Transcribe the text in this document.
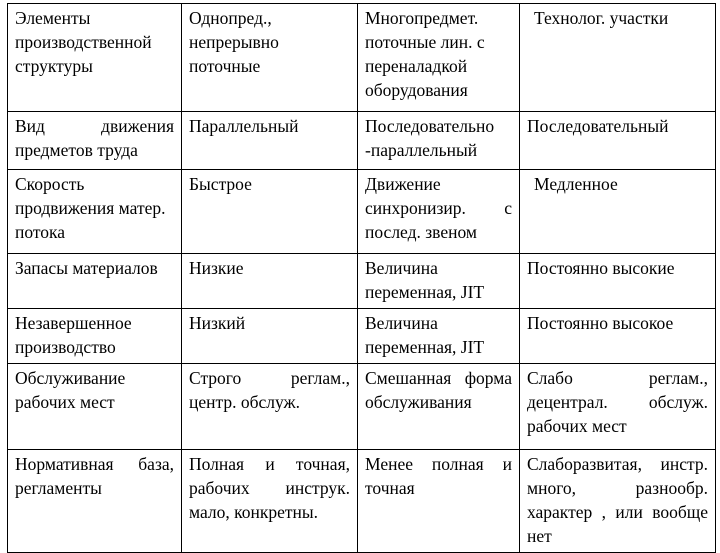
Элементы производственной структуры	Однопред., непрерывно поточные	Многопредмет. поточные лин. с переналадкой оборудования	Технолог. участки
Вид движения предметов труда	Параллельный	Последовательно -параллельный	Последовательный
Скорость продвижения матер. потока	Быстрое	Движение синхронизир. с послед. звеном	Медленное
Запасы материалов	Низкие	Величина переменная, JIT	Постоянно высокие
Незавершенное производство	Низкий	Величина переменная, JIT	Постоянно высокое
Обслуживание рабочих мест	Строго реглам., центр. обслуж.	Смешанная форма обслуживания	Слабо реглам., децентрал. обслуж. рабочих мест
Нормативная база, регламенты	Полная и точная, рабочих инструк. мало, конкретны.	Менее полная и точная	Слаборазвитая, инстр. много, разнообр. характер , или вообще нет
